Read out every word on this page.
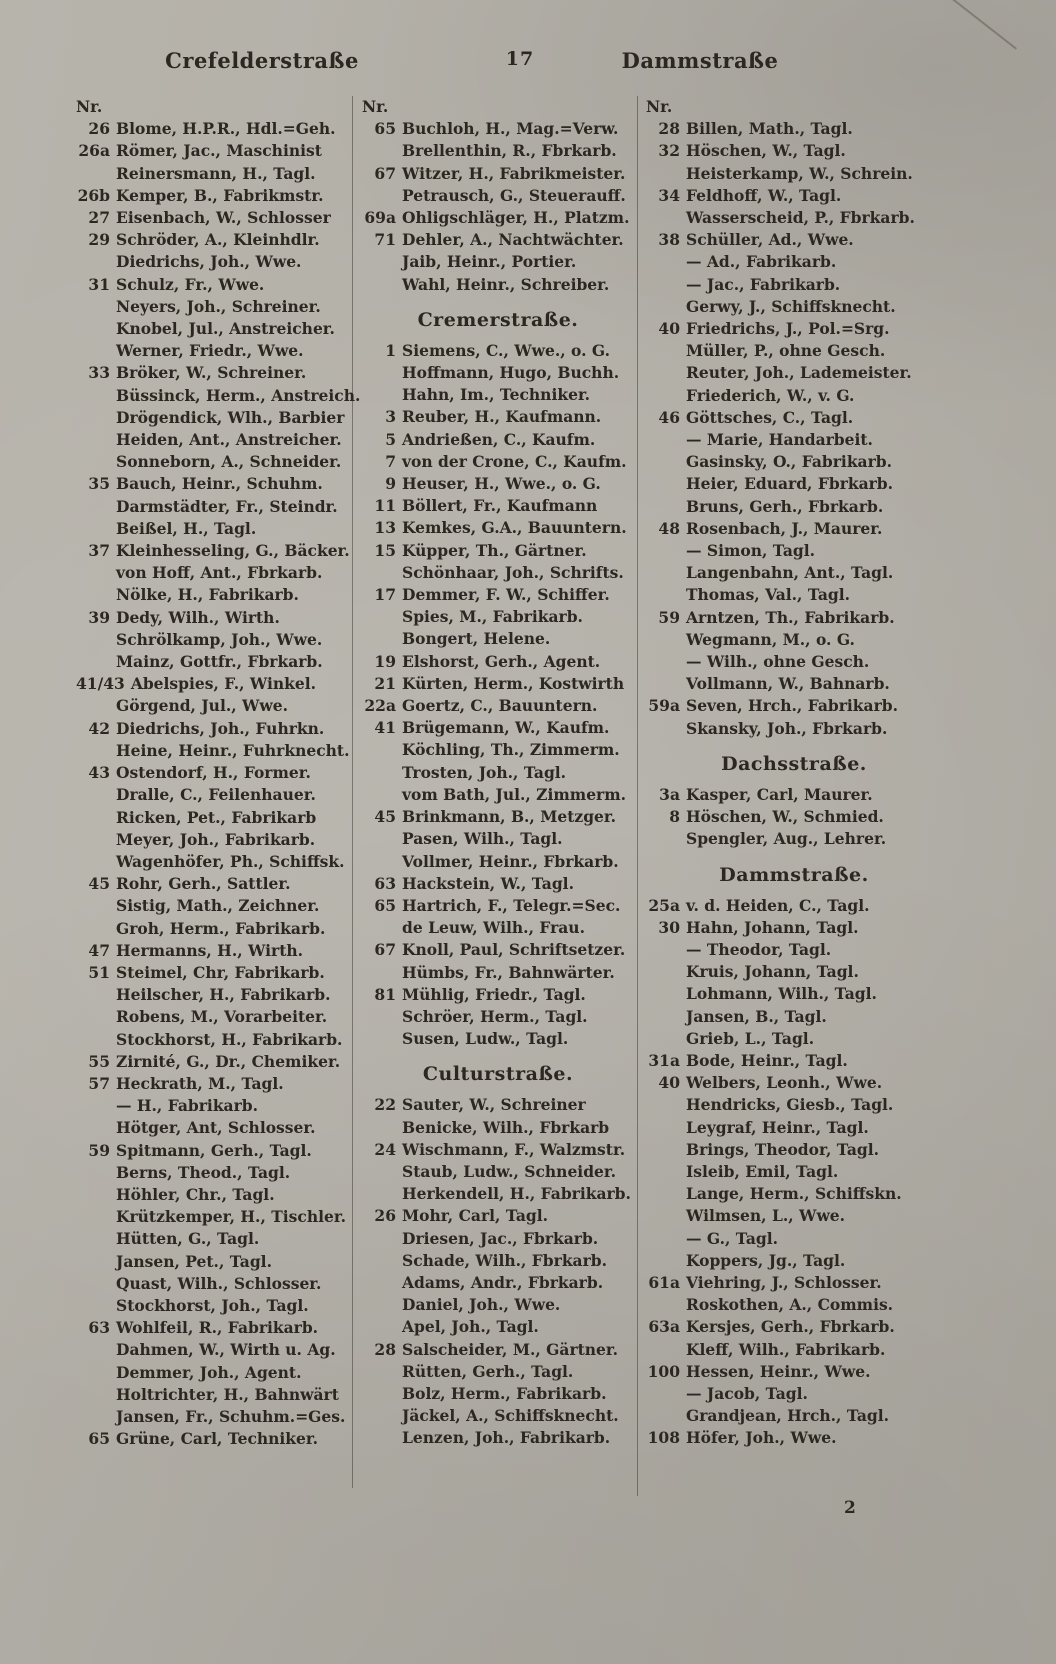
Crefelderstraße	17	Dammstraße
Nr.
26 Blome, H.P.R., Hdl.=Geh.
26a Römer, Jac., Maschinist
Reinersmann, H., Tagl.
26b Kemper, B., Fabrikmstr.
27 Eisenbach, W., Schlosser
29 Schröder, A., Kleinhdlr.
Diedrichs, Joh., Wwe.
31 Schulz, Fr., Wwe.
Neyers, Joh., Schreiner.
Knobel, Jul., Anstreicher.
Werner, Friedr., Wwe.
33 Bröker, W., Schreiner.
Büssinck, Herm., Anstreich.
Drögendick, Wlh., Barbier
Heiden, Ant., Anstreicher.
Sonneborn, A., Schneider.
35 Bauch, Heinr., Schuhm.
Darmstädter, Fr., Steindr.
Beißel, H., Tagl.
37 Kleinhesseling, G., Bäcker.
von Hoff, Ant., Fbrkarb.
Nölke, H., Fabrikarb.
39 Dedy, Wilh., Wirth.
Schrölkamp, Joh., Wwe.
Mainz, Gottfr., Fbrkarb.
41/43 Abelspies, F., Winkel.
Görgend, Jul., Wwe.
42 Diedrichs, Joh., Fuhrkn.
Heine, Heinr., Fuhrknecht.
43 Ostendorf, H., Former.
Dralle, C., Feilenhauer.
Ricken, Pet., Fabrikarb
Meyer, Joh., Fabrikarb.
Wagenhöfer, Ph., Schiffsk.
45 Rohr, Gerh., Sattler.
Sistig, Math., Zeichner.
Groh, Herm., Fabrikarb.
47 Hermanns, H., Wirth.
51 Steimel, Chr, Fabrikarb.
Heilscher, H., Fabrikarb.
Robens, M., Vorarbeiter.
Stockhorst, H., Fabrikarb.
55 Zirnité, G., Dr., Chemiker.
57 Heckrath, M., Tagl.
— H., Fabrikarb.
Hötger, Ant, Schlosser.
59 Spitmann, Gerh., Tagl.
Berns, Theod., Tagl.
Höhler, Chr., Tagl.
Krützkemper, H., Tischler.
Hütten, G., Tagl.
Jansen, Pet., Tagl.
Quast, Wilh., Schlosser.
Stockhorst, Joh., Tagl.
63 Wohlfeil, R., Fabrikarb.
Dahmen, W., Wirth u. Ag.
Demmer, Joh., Agent.
Holtrichter, H., Bahnwärt
Jansen, Fr., Schuhm.=Ges.
65 Grüne, Carl, Techniker.
Nr.
65 Buchloh, H., Mag.=Verw.
Brellenthin, R., Fbrkarb.
67 Witzer, H., Fabrikmeister.
Petrausch, G., Steuerauff.
69a Ohligschläger, H., Platzm.
71 Dehler, A., Nachtwächter.
Jaib, Heinr., Portier.
Wahl, Heinr., Schreiber.
Cremerstraße.
1 Siemens, C., Wwe., o. G.
Hoffmann, Hugo, Buchh.
Hahn, Im., Techniker.
3 Reuber, H., Kaufmann.
5 Andrießen, C., Kaufm.
7 von der Crone, C., Kaufm.
9 Heuser, H., Wwe., o. G.
11 Böllert, Fr., Kaufmann
13 Kemkes, G.A., Bauuntern.
15 Küpper, Th., Gärtner.
Schönhaar, Joh., Schrifts.
17 Demmer, F. W., Schiffer.
Spies, M., Fabrikarb.
Bongert, Helene.
19 Elshorst, Gerh., Agent.
21 Kürten, Herm., Kostwirth
22a Goertz, C., Bauuntern.
41 Brügemann, W., Kaufm.
Köchling, Th., Zimmerm.
Trosten, Joh., Tagl.
vom Bath, Jul., Zimmerm.
45 Brinkmann, B., Metzger.
Pasen, Wilh., Tagl.
Vollmer, Heinr., Fbrkarb.
63 Hackstein, W., Tagl.
65 Hartrich, F., Telegr.=Sec.
de Leuw, Wilh., Frau.
67 Knoll, Paul, Schriftsetzer.
Hümbs, Fr., Bahnwärter.
81 Mühlig, Friedr., Tagl.
Schröer, Herm., Tagl.
Susen, Ludw., Tagl.
Culturstraße.
22 Sauter, W., Schreiner
Benicke, Wilh., Fbrkarb
24 Wischmann, F., Walzmstr.
Staub, Ludw., Schneider.
Herkendell, H., Fabrikarb.
26 Mohr, Carl, Tagl.
Driesen, Jac., Fbrkarb.
Schade, Wilh., Fbrkarb.
Adams, Andr., Fbrkarb.
Daniel, Joh., Wwe.
Apel, Joh., Tagl.
28 Salscheider, M., Gärtner.
Rütten, Gerh., Tagl.
Bolz, Herm., Fabrikarb.
Jäckel, A., Schiffsknecht.
Lenzen, Joh., Fabrikarb.
Nr.
28 Billen, Math., Tagl.
32 Höschen, W., Tagl.
Heisterkamp, W., Schrein.
34 Feldhoff, W., Tagl.
Wasserscheid, P., Fbrkarb.
38 Schüller, Ad., Wwe.
— Ad., Fabrikarb.
— Jac., Fabrikarb.
Gerwy, J., Schiffsknecht.
40 Friedrichs, J., Pol.=Srg.
Müller, P., ohne Gesch.
Reuter, Joh., Lademeister.
Friederich, W., v. G.
46 Göttsches, C., Tagl.
— Marie, Handarbeit.
Gasinsky, O., Fabrikarb.
Heier, Eduard, Fbrkarb.
Bruns, Gerh., Fbrkarb.
48 Rosenbach, J., Maurer.
— Simon, Tagl.
Langenbahn, Ant., Tagl.
Thomas, Val., Tagl.
59 Arntzen, Th., Fabrikarb.
Wegmann, M., o. G.
— Wilh., ohne Gesch.
Vollmann, W., Bahnarb.
59a Seven, Hrch., Fabrikarb.
Skansky, Joh., Fbrkarb.
Dachsstraße.
3a Kasper, Carl, Maurer.
8 Höschen, W., Schmied.
Spengler, Aug., Lehrer.
Dammstraße.
25a v. d. Heiden, C., Tagl.
30 Hahn, Johann, Tagl.
— Theodor, Tagl.
Kruis, Johann, Tagl.
Lohmann, Wilh., Tagl.
Jansen, B., Tagl.
Grieb, L., Tagl.
31a Bode, Heinr., Tagl.
40 Welbers, Leonh., Wwe.
Hendricks, Giesb., Tagl.
Leygraf, Heinr., Tagl.
Brings, Theodor, Tagl.
Isleib, Emil, Tagl.
Lange, Herm., Schiffskn.
Wilmsen, L., Wwe.
— G., Tagl.
Koppers, Jg., Tagl.
61a Viehring, J., Schlosser.
Roskothen, A., Commis.
63a Kersjes, Gerh., Fbrkarb.
Kleff, Wilh., Fabrikarb.
100 Hessen, Heinr., Wwe.
— Jacob, Tagl.
Grandjean, Hrch., Tagl.
108 Höfer, Joh., Wwe.
2
